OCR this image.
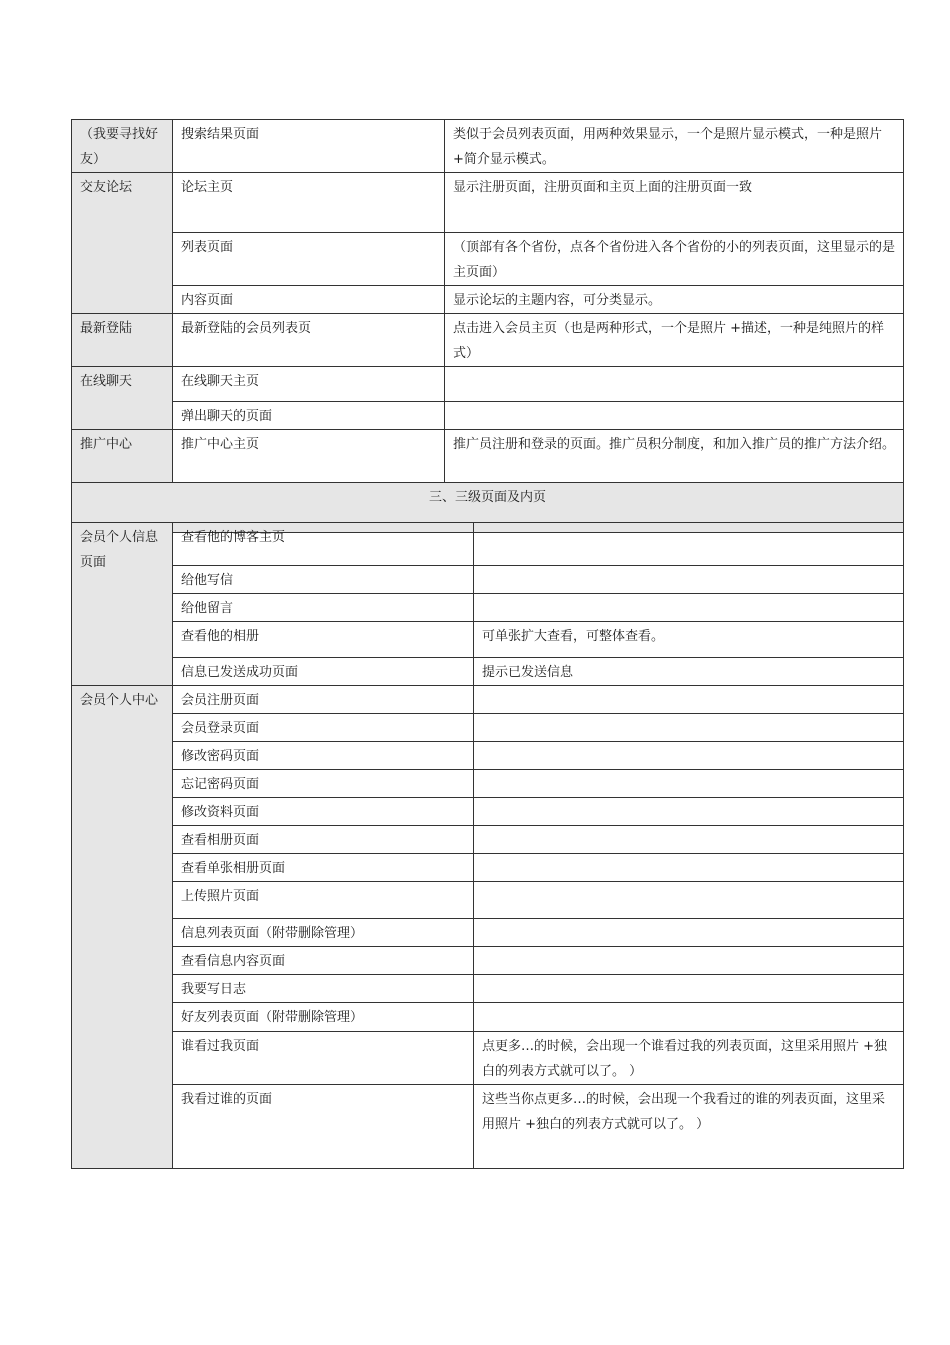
（我要寻找好友）	搜索结果页面	类似于会员列表页面，用两种效果显示，一个是照片显示模式，一种是照片 +简介显示模式。
交友论坛	论坛主页	显示注册页面，注册页面和主页上面的注册页面一致
	列表页面	（顶部有各个省份，点各个省份进入各个省份的小的列表页面，这里显示的是主页面）
	内容页面	显示论坛的主题内容，可分类显示。
最新登陆	最新登陆的会员列表页	点击进入会员主页（也是两种形式，一个是照片 +描述，一种是纯照片的样式）
在线聊天	在线聊天主页	
	弹出聊天的页面	
推广中心	推广中心主页	推广员注册和登录的页面。推广员积分制度，和加入推广员的推广方法介绍。
三、三级页面及内页		
会员个人信息页面	查看他的博客主页	
	给他写信	
	给他留言	
	查看他的相册	可单张扩大查看，可整体查看。
	信息已发送成功页面	提示已发送信息
会员个人中心	会员注册页面	
	会员登录页面	
	修改密码页面	
	忘记密码页面	
	修改资料页面	
	查看相册页面	
	查看单张相册页面	
	上传照片页面	
	信息列表页面（附带删除管理）	
	查看信息内容页面	
	我要写日志	
	好友列表页面（附带删除管理）	
	谁看过我页面	点更多…的时候，会出现一个谁看过我的列表页面，这里采用照片 +独白的列表方式就可以了。 ）
	我看过谁的页面	这些当你点更多…的时候，会出现一个我看过的谁的列表页面，这里采用照片 +独白的列表方式就可以了。 ）
